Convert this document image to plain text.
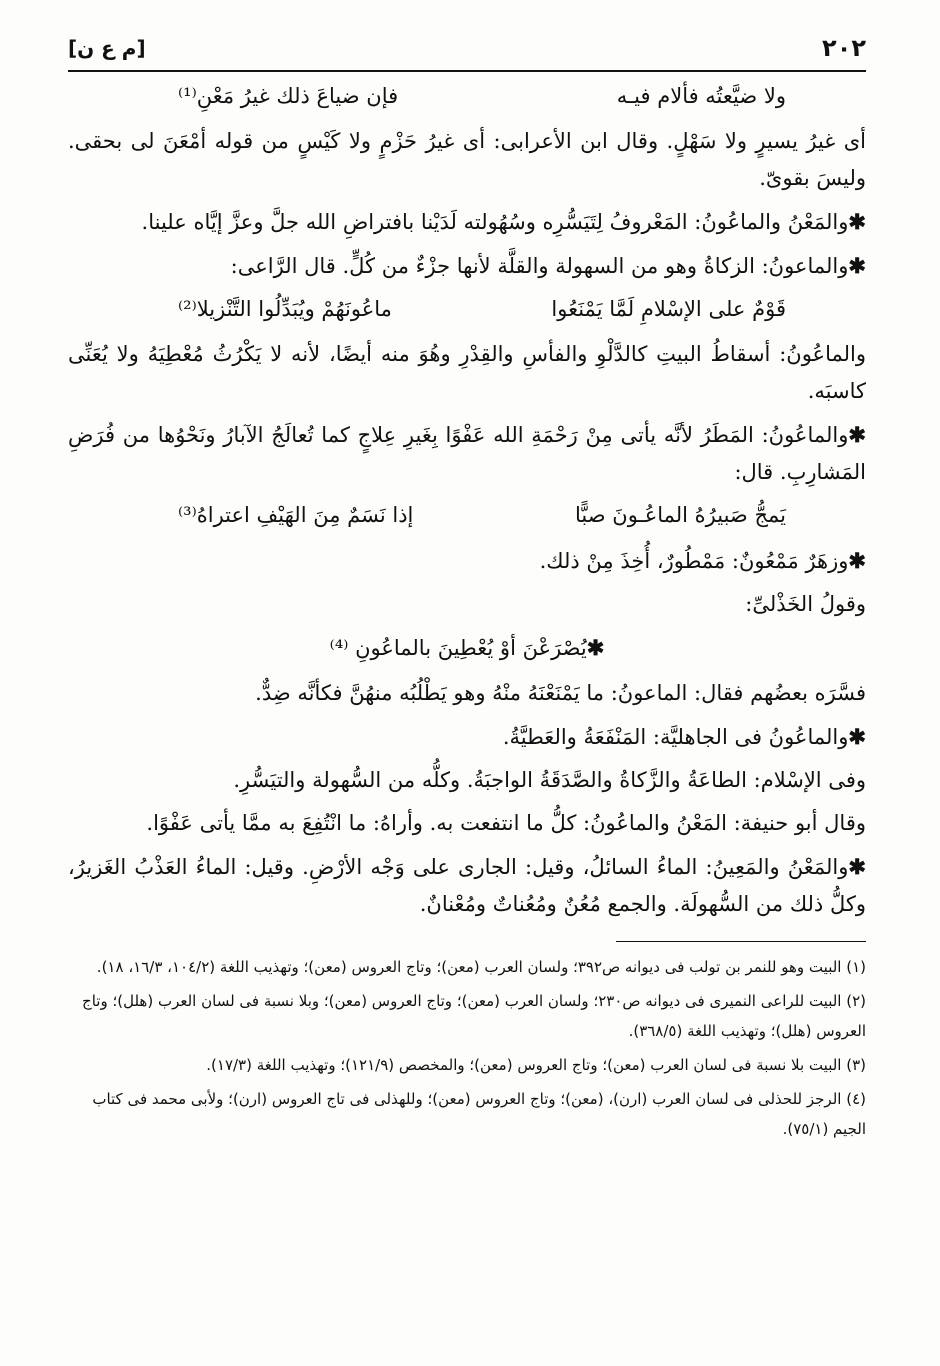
٢٠٢
[م ع ن]
ولا ضيَّعتُه فألام فيـه
فإن ضياعَ ذلك غيرُ مَعْنِ⁽¹⁾

أى غيرُ يسيرٍ ولا سَهْلٍ. وقال ابن الأعرابى: أى غيرُ حَزْمٍ ولا كَيْسٍ من قوله أمْعَنَ لى بحقى. وليسَ بقوىّ.

✱ والمَعْنُ والماعُونُ: المَعْروفُ لِتَيَسُّرِه وسُهُولته لَدَيْنا بافتراضِ الله جلَّ وعزَّ إيَّاه علينا.

✱ والماعونُ: الزكاةُ وهو من السهولة والقلَّة لأنها جزْءٌ من كُلٍّ. قال الرَّاعى:

قَوْمٌ على الإسْلامِ لَمَّا يَمْنَعُوا
ماعُونَهُمْ ويُبَدِّلُوا التَّنْزيلا⁽²⁾

والماعُونُ: أسقاطُ البيتِ كالدَّلْوِ والفأسِ والقِدْرِ وهُوَ منه أيضًا، لأنه لا يَكْرُثُ مُعْطِيَهُ ولا يُعَنِّى كاسبَه.

✱ والماعُونُ: المَطَرُ لأنَّه يأتى مِنْ رَحْمَةِ الله عَفْوًا بِغَيرِ عِلاجٍ كما تُعالَجُ الآبارُ ونَحْوُها من فُرَضِ المَشارِبِ. قال:

يَمجُّ صَبيرُهُ الماعُـونَ صبًّا
إذا نَسَمٌ مِنَ الهَيْفِ اعتراهُ⁽³⁾

✱ وزهَرٌ مَمْعُونٌ: مَمْطُورٌ، أُخِذَ مِنْ ذلك.

وقولُ الخَذْلىِّ:

✱ يُصْرَعْنَ أوْ يُعْطِينَ بالماعُونِ ⁽⁴⁾

فسَّرَه بعضُهم فقال: الماعونُ: ما يَمْنَعْنَهُ منْهُ وهو يَطْلُبُه منهُنَّ فكأنَّه ضِدٌّ.

✱ والماعُونُ فى الجاهليَّة: المَنْفَعَةُ والعَطيَّةُ.

وفى الإسْلام: الطاعَةُ والزَّكاةُ والصَّدَقَةُ الواجبَةُ. وكلُّه من السُّهولة والتيَسُّرِ.

وقال أبو حنيفة: المَعْنُ والماعُونُ: كلُّ ما انتفعت به. وأراهُ: ما انْتُفِعَ به ممَّا يأتى عَفْوًا.

✱ والمَعْنُ والمَعِينُ: الماءُ السائلُ، وقيل: الجارى على وَجْه الأرْضِ. وقيل: الماءُ العَذْبُ الغَزيرُ، وكلُّ ذلك من السُّهولَة. والجمع مُعُنٌ ومُعُناتٌ ومُعْنانٌ.

(١) البيت وهو للنمر بن تولب فى ديوانه ص٣٩٢؛ ولسان العرب (معن)؛ وتاج العروس (معن)؛ وتهذيب اللغة (١٠٤/٢، ١٦/٣، ١٨).

(٢) البيت للراعى النميرى فى ديوانه ص٢٣٠؛ ولسان العرب (معن)؛ وتاج العروس (معن)؛ وبلا نسبة فى لسان العرب (هلل)؛ وتاج العروس (هلل)؛ وتهذيب اللغة (٣٦٨/٥).

(٣) البيت بلا نسبة فى لسان العرب (معن)؛ وتاج العروس (معن)؛ والمخصص (١٢١/٩)؛ وتهذيب اللغة (١٧/٣).

(٤) الرجز للحذلى فى لسان العرب (ارن)، (معن)؛ وتاج العروس (معن)؛ وللهذلى فى تاج العروس (ارن)؛ ولأبى محمد فى كتاب الجيم (٧٥/١).
